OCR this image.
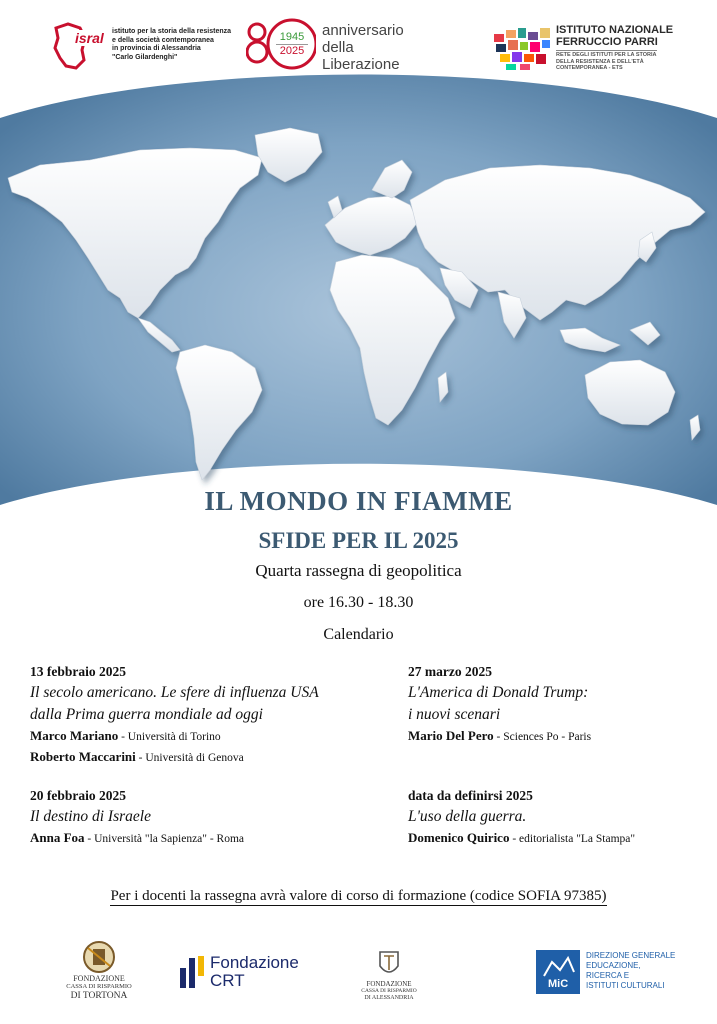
isral istituto per la storia della resistenza
e della società contemporanea
in provincia di Alessandria
"Carlo Gilardenghi"
1945
2025
anniversario
della
Liberazione
ISTITUTO NAZIONALE
FERRUCCIO PARRI
RETE DEGLI ISTITUTI PER LA STORIA
DELLA RESISTENZA E DELL'ETÀ
CONTEMPORANEA - ETS
IL MONDO IN FIAMME
SFIDE PER IL 2025
Quarta rassegna di geopolitica
ore 16.30 - 18.30
Calendario
13 febbraio 2025
Il secolo americano. Le sfere di influenza USA
dalla Prima guerra mondiale ad oggi
Marco Mariano - Università di Torino
Roberto Maccarini - Università di Genova
27 marzo 2025
L'America di Donald Trump:
i nuovi scenari
Mario Del Pero - Sciences Po - Paris
20 febbraio 2025
Il destino di Israele
Anna Foa - Università "la Sapienza" - Roma
data da definirsi 2025
L'uso della guerra.
Domenico Quirico - editorialista "La Stampa"
Per i docenti la rassegna avrà valore di corso di formazione (codice SOFIA 97385)
FONDAZIONE
CASSA DI RISPARMIO
DI TORTONA
Fondazione
CRT	FONDAZIONE
CASSA DI RISPARMIO
DI ALESSANDRIA
MiC
DIREZIONE GENERALE
EDUCAZIONE,
RICERCA E
ISTITUTI CULTURALI
